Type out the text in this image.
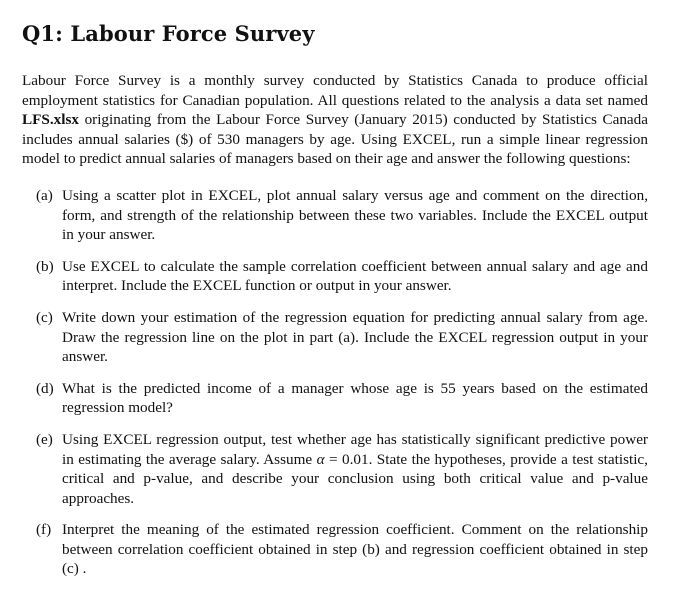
Q1: Labour Force Survey

Labour Force Survey is a monthly survey conducted by Statistics Canada to produce official employment statistics for Canadian population. All questions related to the analysis a data set named LFS.xlsx originating from the Labour Force Survey (January 2015) conducted by Statistics Canada includes annual salaries ($) of 530 managers by age. Using EXCEL, run a simple linear regression model to predict annual salaries of managers based on their age and answer the following questions:

(a) Using a scatter plot in EXCEL, plot annual salary versus age and comment on the direction, form, and strength of the relationship between these two variables. Include the EXCEL output in your answer.
(b) Use EXCEL to calculate the sample correlation coefficient between annual salary and age and interpret. Include the EXCEL function or output in your answer.
(c) Write down your estimation of the regression equation for predicting annual salary from age. Draw the regression line on the plot in part (a). Include the EXCEL regression output in your answer.
(d) What is the predicted income of a manager whose age is 55 years based on the estimated regression model?
(e) Using EXCEL regression output, test whether age has statistically significant predictive power in estimating the average salary. Assume α = 0.01. State the hypotheses, provide a test statistic, critical and p-value, and describe your conclusion using both critical value and p-value approaches.
(f) Interpret the meaning of the estimated regression coefficient. Comment on the relationship between correlation coefficient obtained in step (b) and regression coefficient obtained in step (c) .
